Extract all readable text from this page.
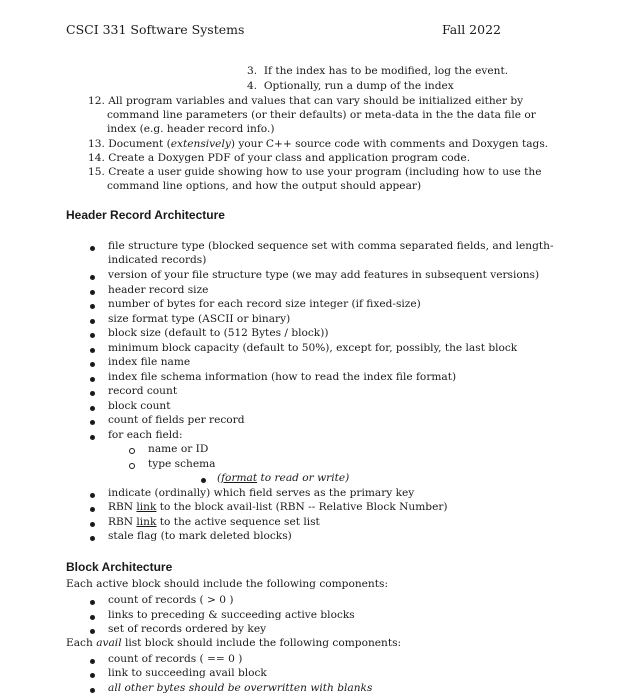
CSCI 331 Software Systems	Fall 2022
3. If the index has to be modified, log the event.
4. Optionally, run a dump of the index
12. All program variables and values that can vary should be initialized either by
command line parameters (or their defaults) or meta-data in the the data file or
index (e.g. header record info.)
13. Document (extensively) your C++ source code with comments and Doxygen tags.
14. Create a Doxygen PDF of your class and application program code.
15. Create a user guide showing how to use your program (including how to use the
command line options, and how the output should appear)
Header Record Architecture
file structure type (blocked sequence set with comma separated fields, and length-
indicated records)
version of your file structure type (we may add features in subsequent versions)
header record size
number of bytes for each record size integer (if fixed-size)
size format type (ASCII or binary)
block size (default to (512 Bytes / block))
minimum block capacity (default to 50%), except for, possibly, the last block
index file name
index file schema information (how to read the index file format)
record count
block count
count of fields per record
for each field:
name or ID
type schema
(format to read or write)
indicate (ordinally) which field serves as the primary key
RBN link to the block avail-list (RBN -- Relative Block Number)
RBN link to the active sequence set list
stale flag (to mark deleted blocks)
Block Architecture
Each active block should include the following components:
count of records ( > 0 )
links to preceding & succeeding active blocks
set of records ordered by key
Each avail list block should include the following components:
count of records ( == 0 )
link to succeeding avail block
all other bytes should be overwritten with blanks
